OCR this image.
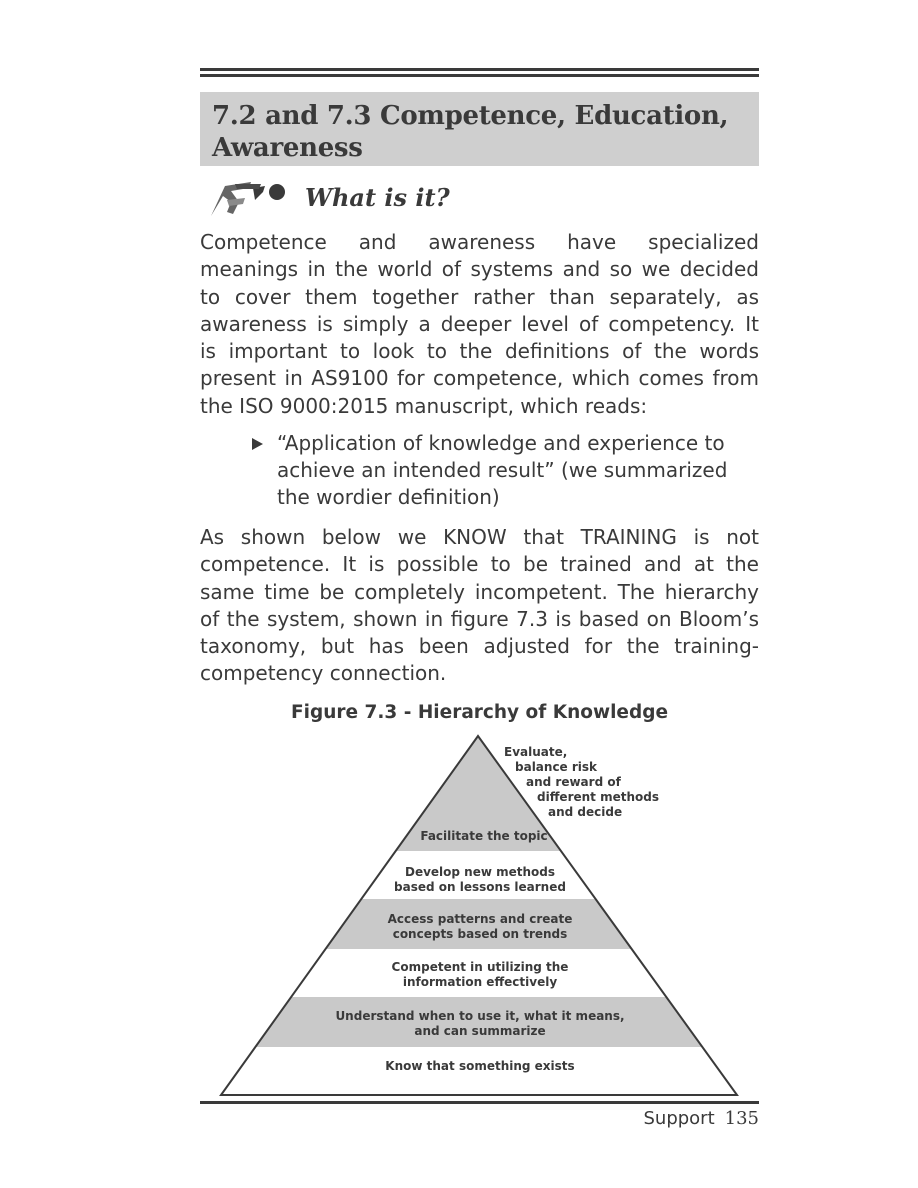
7.2 and 7.3 Competence, Education,
Awareness
What is it?
Competence and awareness have specialized
meanings in the world of systems and so we decided
to cover them together rather than separately, as
awareness is simply a deeper level of competency. It
is important to look to the definitions of the words
present in AS9100 for competence, which comes from
the ISO 9000:2015 manuscript, which reads:
“Application of knowledge and experience to
achieve an intended result” (we summarized
the wordier definition)
As shown below we KNOW that TRAINING is not
competence. It is possible to be trained and at the
same time be completely incompetent. The hierarchy
of the system, shown in figure 7.3 is based on Bloom’s
taxonomy, but has been adjusted for the training-
competency connection.
Figure 7.3 - Hierarchy of Knowledge
Evaluate,
balance risk
and reward of
different methods
and decide
Facilitate the topic
Develop new methods
based on lessons learned
Access patterns and create
concepts based on trends
Competent in utilizing the
information effectively
Understand when to use it, what it means,
and can summarize
Know that something exists
Support 135
